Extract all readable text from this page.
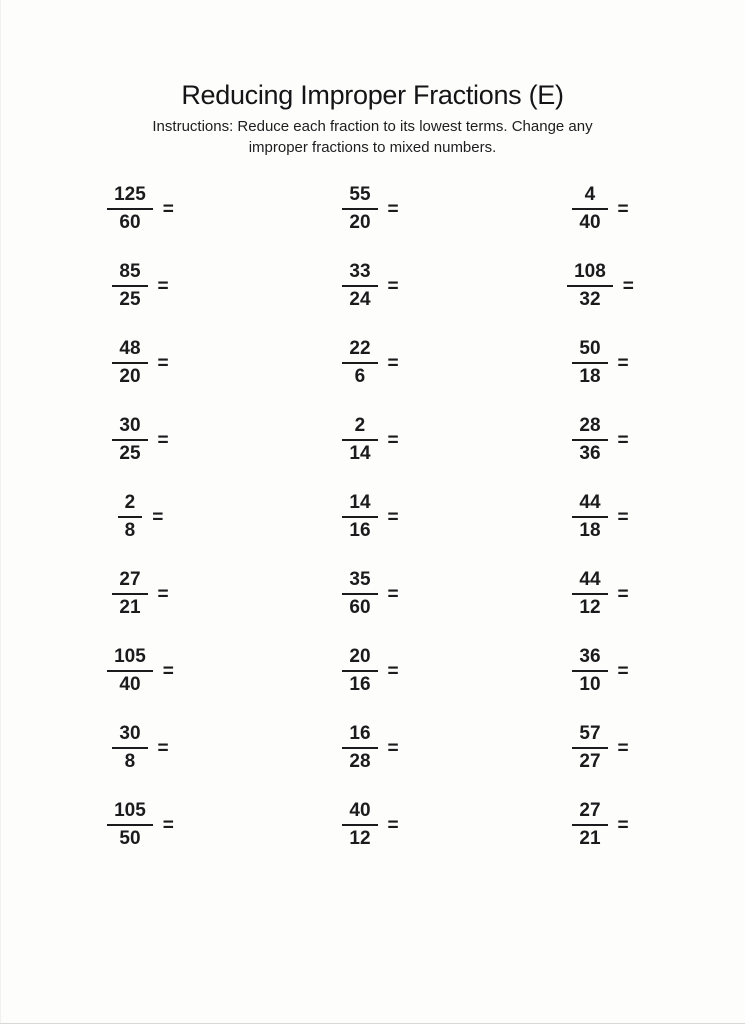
Reducing Improper Fractions (E)
Instructions: Reduce each fraction to its lowest terms. Change any
improper fractions to mixed numbers.
$\frac{125}{60}$ =	$\frac{55}{20}$ =	$\frac{4}{40}$ =
$\frac{85}{25}$ =	$\frac{33}{24}$ =	$\frac{108}{32}$ =
$\frac{48}{20}$ =	$\frac{22}{6}$ =	$\frac{50}{18}$ =
$\frac{30}{25}$ =	$\frac{2}{14}$ =	$\frac{28}{36}$ =
$\frac{2}{8}$ =	$\frac{14}{16}$ =	$\frac{44}{18}$ =
$\frac{27}{21}$ =	$\frac{35}{60}$ =	$\frac{44}{12}$ =
$\frac{105}{40}$ =	$\frac{20}{16}$ =	$\frac{36}{10}$ =
$\frac{30}{8}$ =	$\frac{16}{28}$ =	$\frac{57}{27}$ =
$\frac{105}{50}$ =	$\frac{40}{12}$ =	$\frac{27}{21}$ =
